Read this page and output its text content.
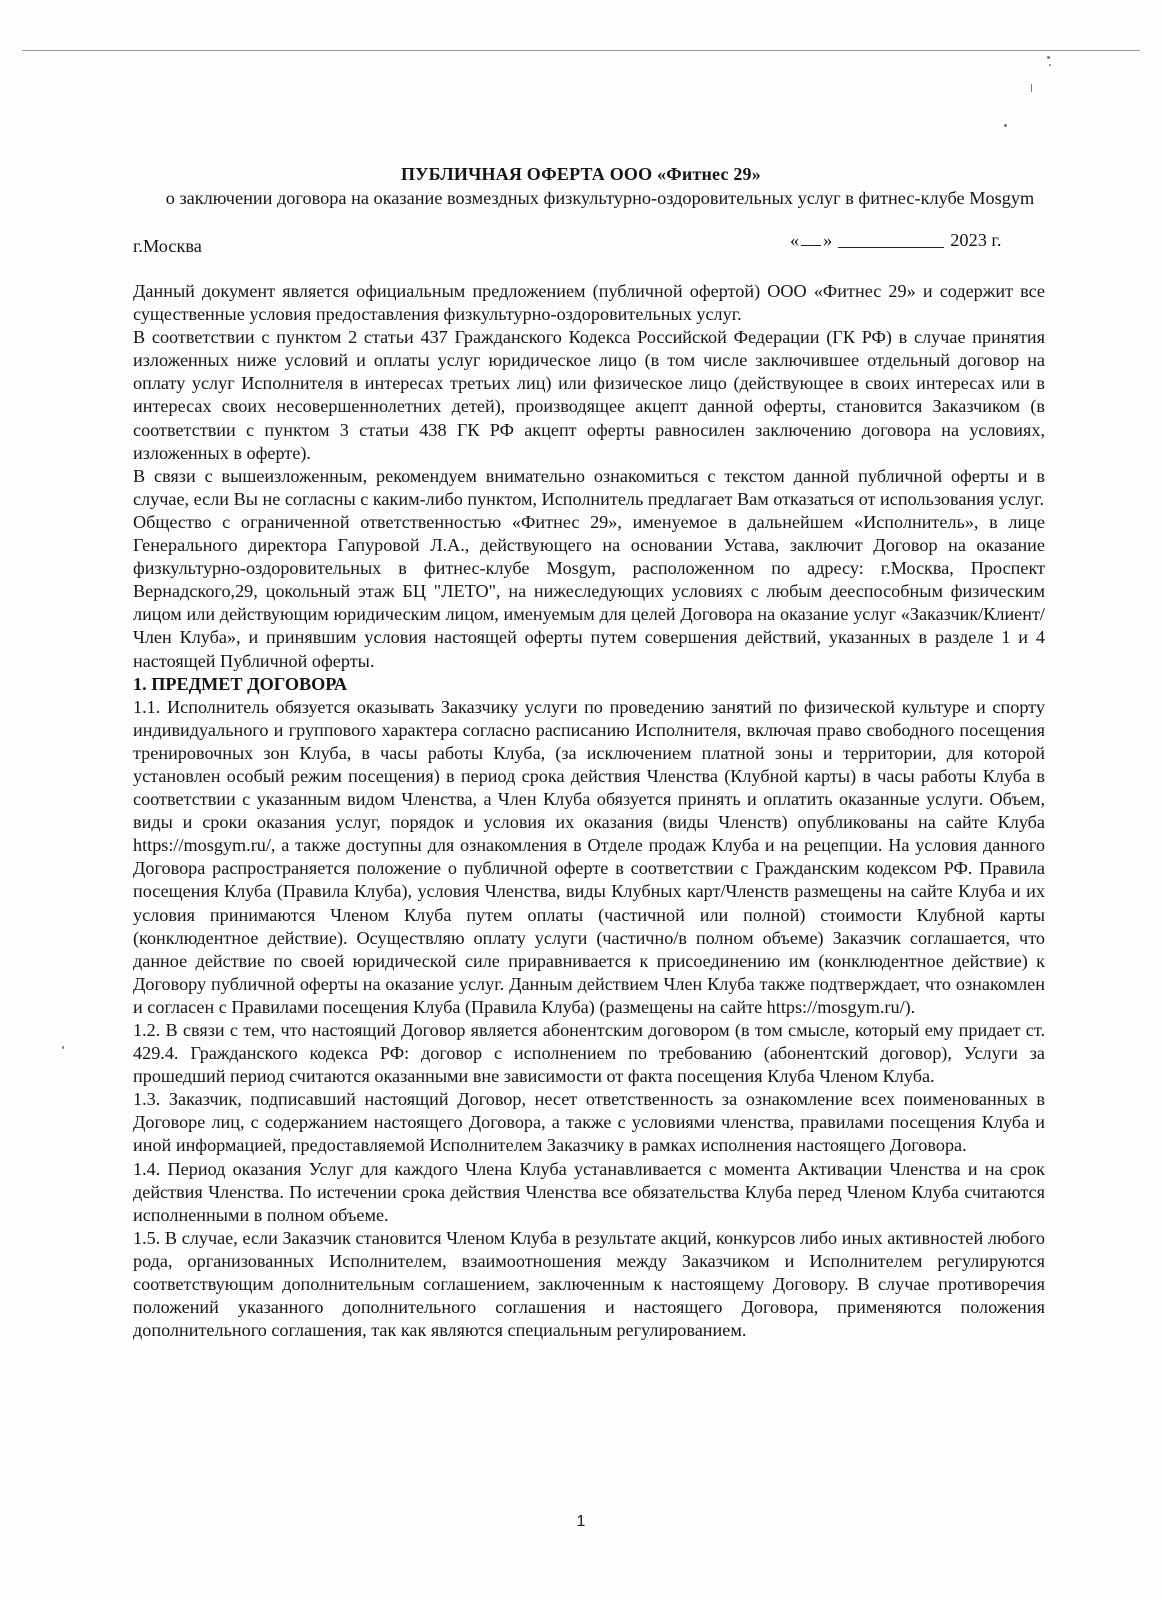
ПУБЛИЧНАЯ ОФЕРТА ООО «Фитнес 29»
о заключении договора на оказание возмездных физкультурно-оздоровительных услуг в фитнес-клубе Mosgym
г.Москва	« »	2023 г.

Данный документ является официальным предложением (публичной офертой) ООО «Фитнес 29» и содержит все существенные условия предоставления физкультурно-оздоровительных услуг.

В соответствии с пунктом 2 статьи 437 Гражданского Кодекса Российской Федерации (ГК РФ) в случае принятия изложенных ниже условий и оплаты услуг юридическое лицо (в том числе заключившее отдельный договор на оплату услуг Исполнителя в интересах третьих лиц) или физическое лицо (действующее в своих интересах или в интересах своих несовершеннолетних детей), производящее акцепт данной оферты, становится Заказчиком (в соответствии с пунктом 3 статьи 438 ГК РФ акцепт оферты равносилен заключению договора на условиях, изложенных в оферте).

В связи с вышеизложенным, рекомендуем внимательно ознакомиться с текстом данной публичной оферты и в случае, если Вы не согласны с каким-либо пунктом, Исполнитель предлагает Вам отказаться от использования услуг.

Общество с ограниченной ответственностью «Фитнес 29», именуемое в дальнейшем «Исполнитель», в лице Генерального директора Гапуровой Л.А., действующего на основании Устава, заключит Договор на оказание физкультурно-оздоровительных в фитнес-клубе Mosgym, расположенном по адресу: г.Москва, Проспект Вернадского,29, цокольный этаж БЦ "ЛЕТО", на нижеследующих условиях с любым дееспособным физическим лицом или действующим юридическим лицом, именуемым для целей Договора на оказание услуг «Заказчик/Клиент/Член Клуба», и принявшим условия настоящей оферты путем совершения действий, указанных в разделе 1 и 4 настоящей Публичной оферты.

1. ПРЕДМЕТ ДОГОВОРА

1.1. Исполнитель обязуется оказывать Заказчику услуги по проведению занятий по физической культуре и спорту индивидуального и группового характера согласно расписанию Исполнителя, включая право свободного посещения тренировочных зон Клуба, в часы работы Клуба, (за исключением платной зоны и территории, для которой установлен особый режим посещения) в период срока действия Членства (Клубной карты) в часы работы Клуба в соответствии с указанным видом Членства, а Член Клуба обязуется принять и оплатить оказанные услуги. Объем, виды и сроки оказания услуг, порядок и условия их оказания (виды Членств) опубликованы на сайте Клуба https://mosgym.ru/, а также доступны для ознакомления в Отделе продаж Клуба и на рецепции. На условия данного Договора распространяется положение о публичной оферте в соответствии с Гражданским кодексом РФ. Правила посещения Клуба (Правила Клуба), условия Членства, виды Клубных карт/Членств размещены на сайте Клуба и их условия принимаются Членом Клуба путем оплаты (частичной или полной) стоимости Клубной карты (конклюдентное действие). Осуществляю оплату услуги (частично/в полном объеме) Заказчик соглашается, что данное действие по своей юридической силе приравнивается к присоединению им (конклюдентное действие) к Договору публичной оферты на оказание услуг. Данным действием Член Клуба также подтверждает, что ознакомлен и согласен с Правилами посещения Клуба (Правила Клуба) (размещены на сайте https://mosgym.ru/).

1.2. В связи с тем, что настоящий Договор является абонентским договором (в том смысле, который ему придает ст. 429.4. Гражданского кодекса РФ: договор с исполнением по требованию (абонентский договор), Услуги за прошедший период считаются оказанными вне зависимости от факта посещения Клуба Членом Клуба.

1.3. Заказчик, подписавший настоящий Договор, несет ответственность за ознакомление всех поименованных в Договоре лиц, с содержанием настоящего Договора, а также с условиями членства, правилами посещения Клуба и иной информацией, предоставляемой Исполнителем Заказчику в рамках исполнения настоящего Договора.

1.4. Период оказания Услуг для каждого Члена Клуба устанавливается с момента Активации Членства и на срок действия Членства. По истечении срока действия Членства все обязательства Клуба перед Членом Клуба считаются исполненными в полном объеме.

1.5. В случае, если Заказчик становится Членом Клуба в результате акций, конкурсов либо иных активностей любого рода, организованных Исполнителем, взаимоотношения между Заказчиком и Исполнителем регулируются соответствующим дополнительным соглашением, заключенным к настоящему Договору. В случае противоречия положений указанного дополнительного соглашения и настоящего Договора, применяются положения дополнительного соглашения, так как являются специальным регулированием.

1
